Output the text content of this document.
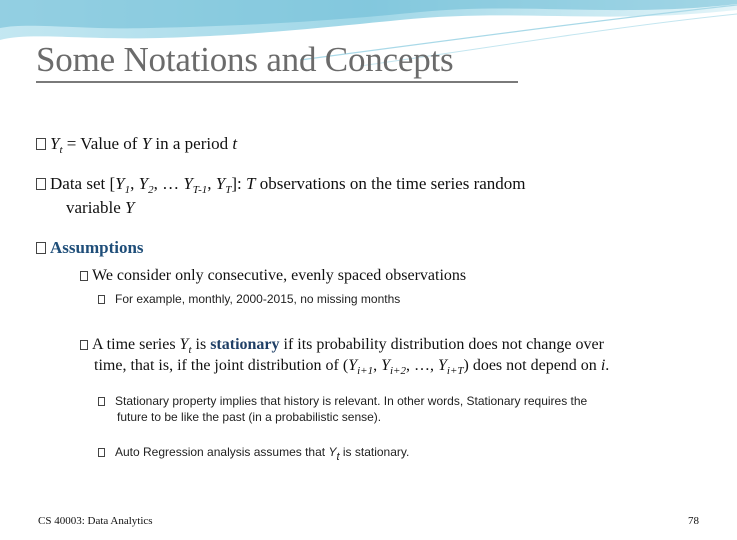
Some Notations and Concepts
$Y_t$ = Value of Y in a period t
Data set [$Y_1$, $Y_2$, … $Y_{T-1}$, $Y_T$]: T observations on the time series random
variable Y
Assumptions
We consider only consecutive, evenly spaced observations
For example, monthly, 2000-2015, no missing months
A time series $Y_t$ is stationary if its probability distribution does not change over
time, that is, if the joint distribution of ($Y_{i+1}$, $Y_{i+2}$, …, $Y_{i+T}$) does not depend on i.
Stationary property implies that history is relevant. In other words, Stationary requires the
future to be like the past (in a probabilistic sense).
Auto Regression analysis assumes that $Y_t$ is stationary.
CS 40003: Data Analytics	78
